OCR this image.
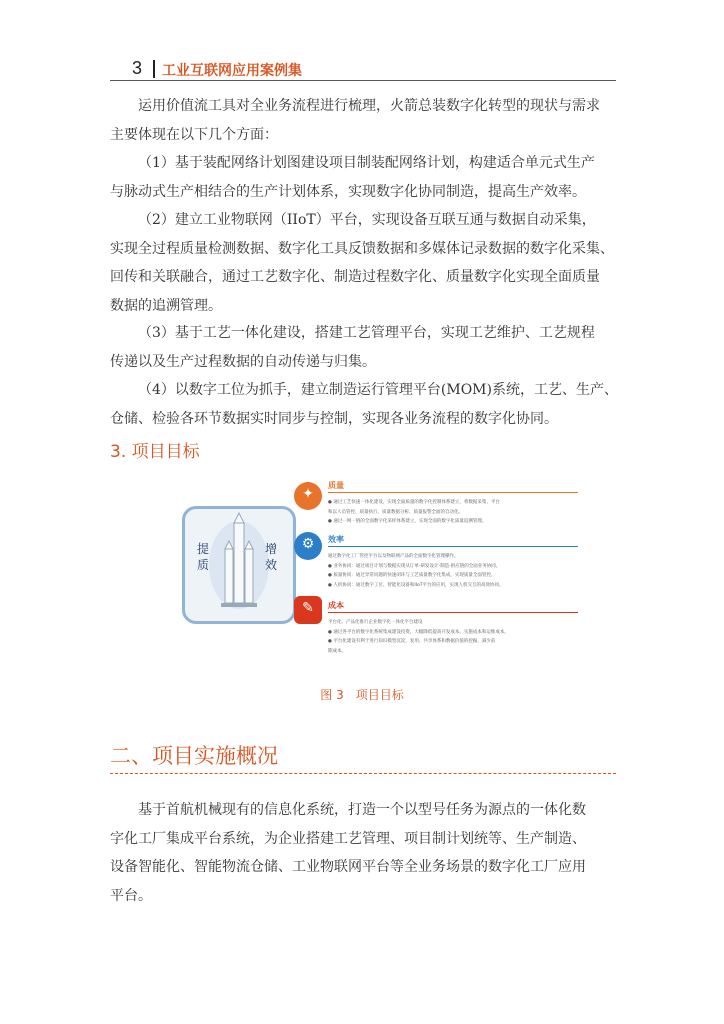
3 工业互联网应用案例集

运用价值流工具对全业务流程进行梳理，火箭总装数字化转型的现状与需求

主要体现在以下几个方面：

（1）基于装配网络计划图建设项目制装配网络计划，构建适合单元式生产

与脉动式生产相结合的生产计划体系，实现数字化协同制造，提高生产效率。

（2）建立工业物联网（IIoT）平台，实现设备互联互通与数据自动采集，

实现全过程质量检测数据、数字化工具反馈数据和多媒体记录数据的数字化采集、

回传和关联融合，通过工艺数字化、制造过程数字化、质量数字化实现全面质量

数据的追溯管理。

（3）基于工艺一体化建设，搭建工艺管理平台，实现工艺维护、工艺规程

传递以及生产过程数据的自动传递与归集。

（4）以数字工位为抓手，建立制造运行管理平台(MOM)系统，工艺、生产、

仓储、检验各环节数据实时同步与控制，实现各业务流程的数字化协同。

3. 项目目标
提质
增效
✦
质量
● 通过工艺快速一体化建设，实现全面质量的数字化控制体系建立，将数据采集、平台
和以人员管控、质量执行、质量数据分析、质量报警全面的自动化。
● 通过一网一链的全面数字化采样体系建立，实现全面的数字化质量追溯管理。
⚙	效率
通过数字化工厂管控平台以及物联网产品的全面数字化管理操作。
● 业务协同：通过项目计划与数据实现从订单-研发设计-制造-供应链的全面业务协同。
● 质量协同：通过异常问题的快速闭环与工艺质量数字化集成，实现质量全面管控。
● 人机协同：通过数字工位、智能化设备和IIoT平台的应用，实现人机交互的高效协同。
✎	成本
平台化、产品化推行企业数字化一体化平台建设
● 通过各平台的数字化系统集成建设投资，大幅降低提高开发成本、实施成本和运维成本。
● 平台化建设有利于进行知识模型沉淀、复用、共享体系和数据价值的挖掘，减少前
期成本。
图 3 项目目标
二、项目实施概况

基于首航机械现有的信息化系统，打造一个以型号任务为源点的一体化数

字化工厂集成平台系统，为企业搭建工艺管理、项目制计划统等、生产制造、

设备智能化、智能物流仓储、工业物联网平台等全业务场景的数字化工厂应用

平台。
